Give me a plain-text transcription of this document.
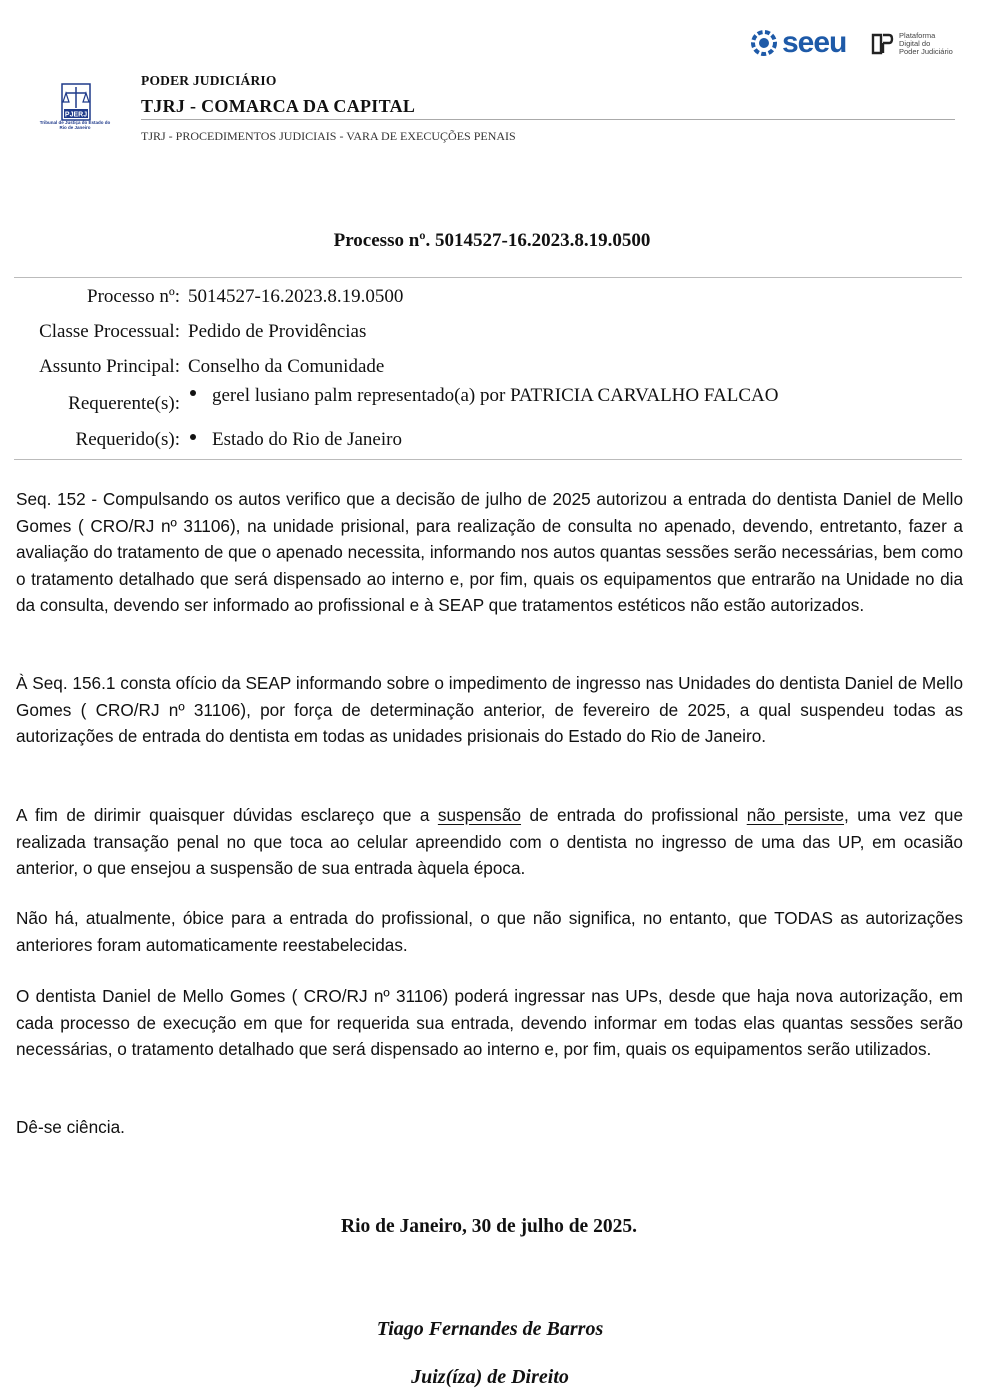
PJERJ
Tribunal de Justiça do Estado do Rio de Janeiro
PODER JUDICIÁRIO
TJRJ - COMARCA DA CAPITAL
TJRJ - PROCEDIMENTOS JUDICIAIS - VARA DE EXECUÇÕES PENAIS
seeu	Plataforma
Digital do
Poder Judiciário
Processo nº. 5014527-16.2023.8.19.0500
Processo nº: 5014527-16.2023.8.19.0500
Classe Processual: Pedido de Providências
Assunto Principal: Conselho da Comunidade
Requerente(s):	gerel lusiano palm representado(a) por PATRICIA CARVALHO FALCAO
Requerido(s):	Estado do Rio de Janeiro
Seq. 152 - Compulsando os autos verifico que a decisão de julho de 2025 autorizou a entrada do dentista Daniel de Mello Gomes ( CRO/RJ nº 31106), na unidade prisional, para realização de consulta no apenado, devendo, entretanto, fazer a avaliação do tratamento de que o apenado necessita, informando nos autos quantas sessões serão necessárias, bem como o tratamento detalhado que será dispensado ao interno e, por fim, quais os equipamentos que entrarão na Unidade no dia da consulta, devendo ser informado ao profissional e à SEAP que tratamentos estéticos não estão autorizados.
À Seq. 156.1 consta ofício da SEAP informando sobre o impedimento de ingresso nas Unidades do dentista Daniel de Mello Gomes ( CRO/RJ nº 31106), por força de determinação anterior, de fevereiro de 2025, a qual suspendeu todas as autorizações de entrada do dentista em todas as unidades prisionais do Estado do Rio de Janeiro.
A fim de dirimir quaisquer dúvidas esclareço que a suspensão de entrada do profissional não persiste, uma vez que realizada transação penal no que toca ao celular apreendido com o dentista no ingresso de uma das UP, em ocasião anterior, o que ensejou a suspensão de sua entrada àquela época.
Não há, atualmente, óbice para a entrada do profissional, o que não significa, no entanto, que TODAS as autorizações anteriores foram automaticamente reestabelecidas.
O dentista Daniel de Mello Gomes ( CRO/RJ nº 31106) poderá ingressar nas UPs, desde que haja nova autorização, em cada processo de execução em que for requerida sua entrada, devendo informar em todas elas quantas sessões serão necessárias, o tratamento detalhado que será dispensado ao interno e, por fim, quais os equipamentos serão utilizados.
Dê-se ciência.
Rio de Janeiro, 30 de julho de 2025.
Tiago Fernandes de Barros
Juiz(íza) de Direito
